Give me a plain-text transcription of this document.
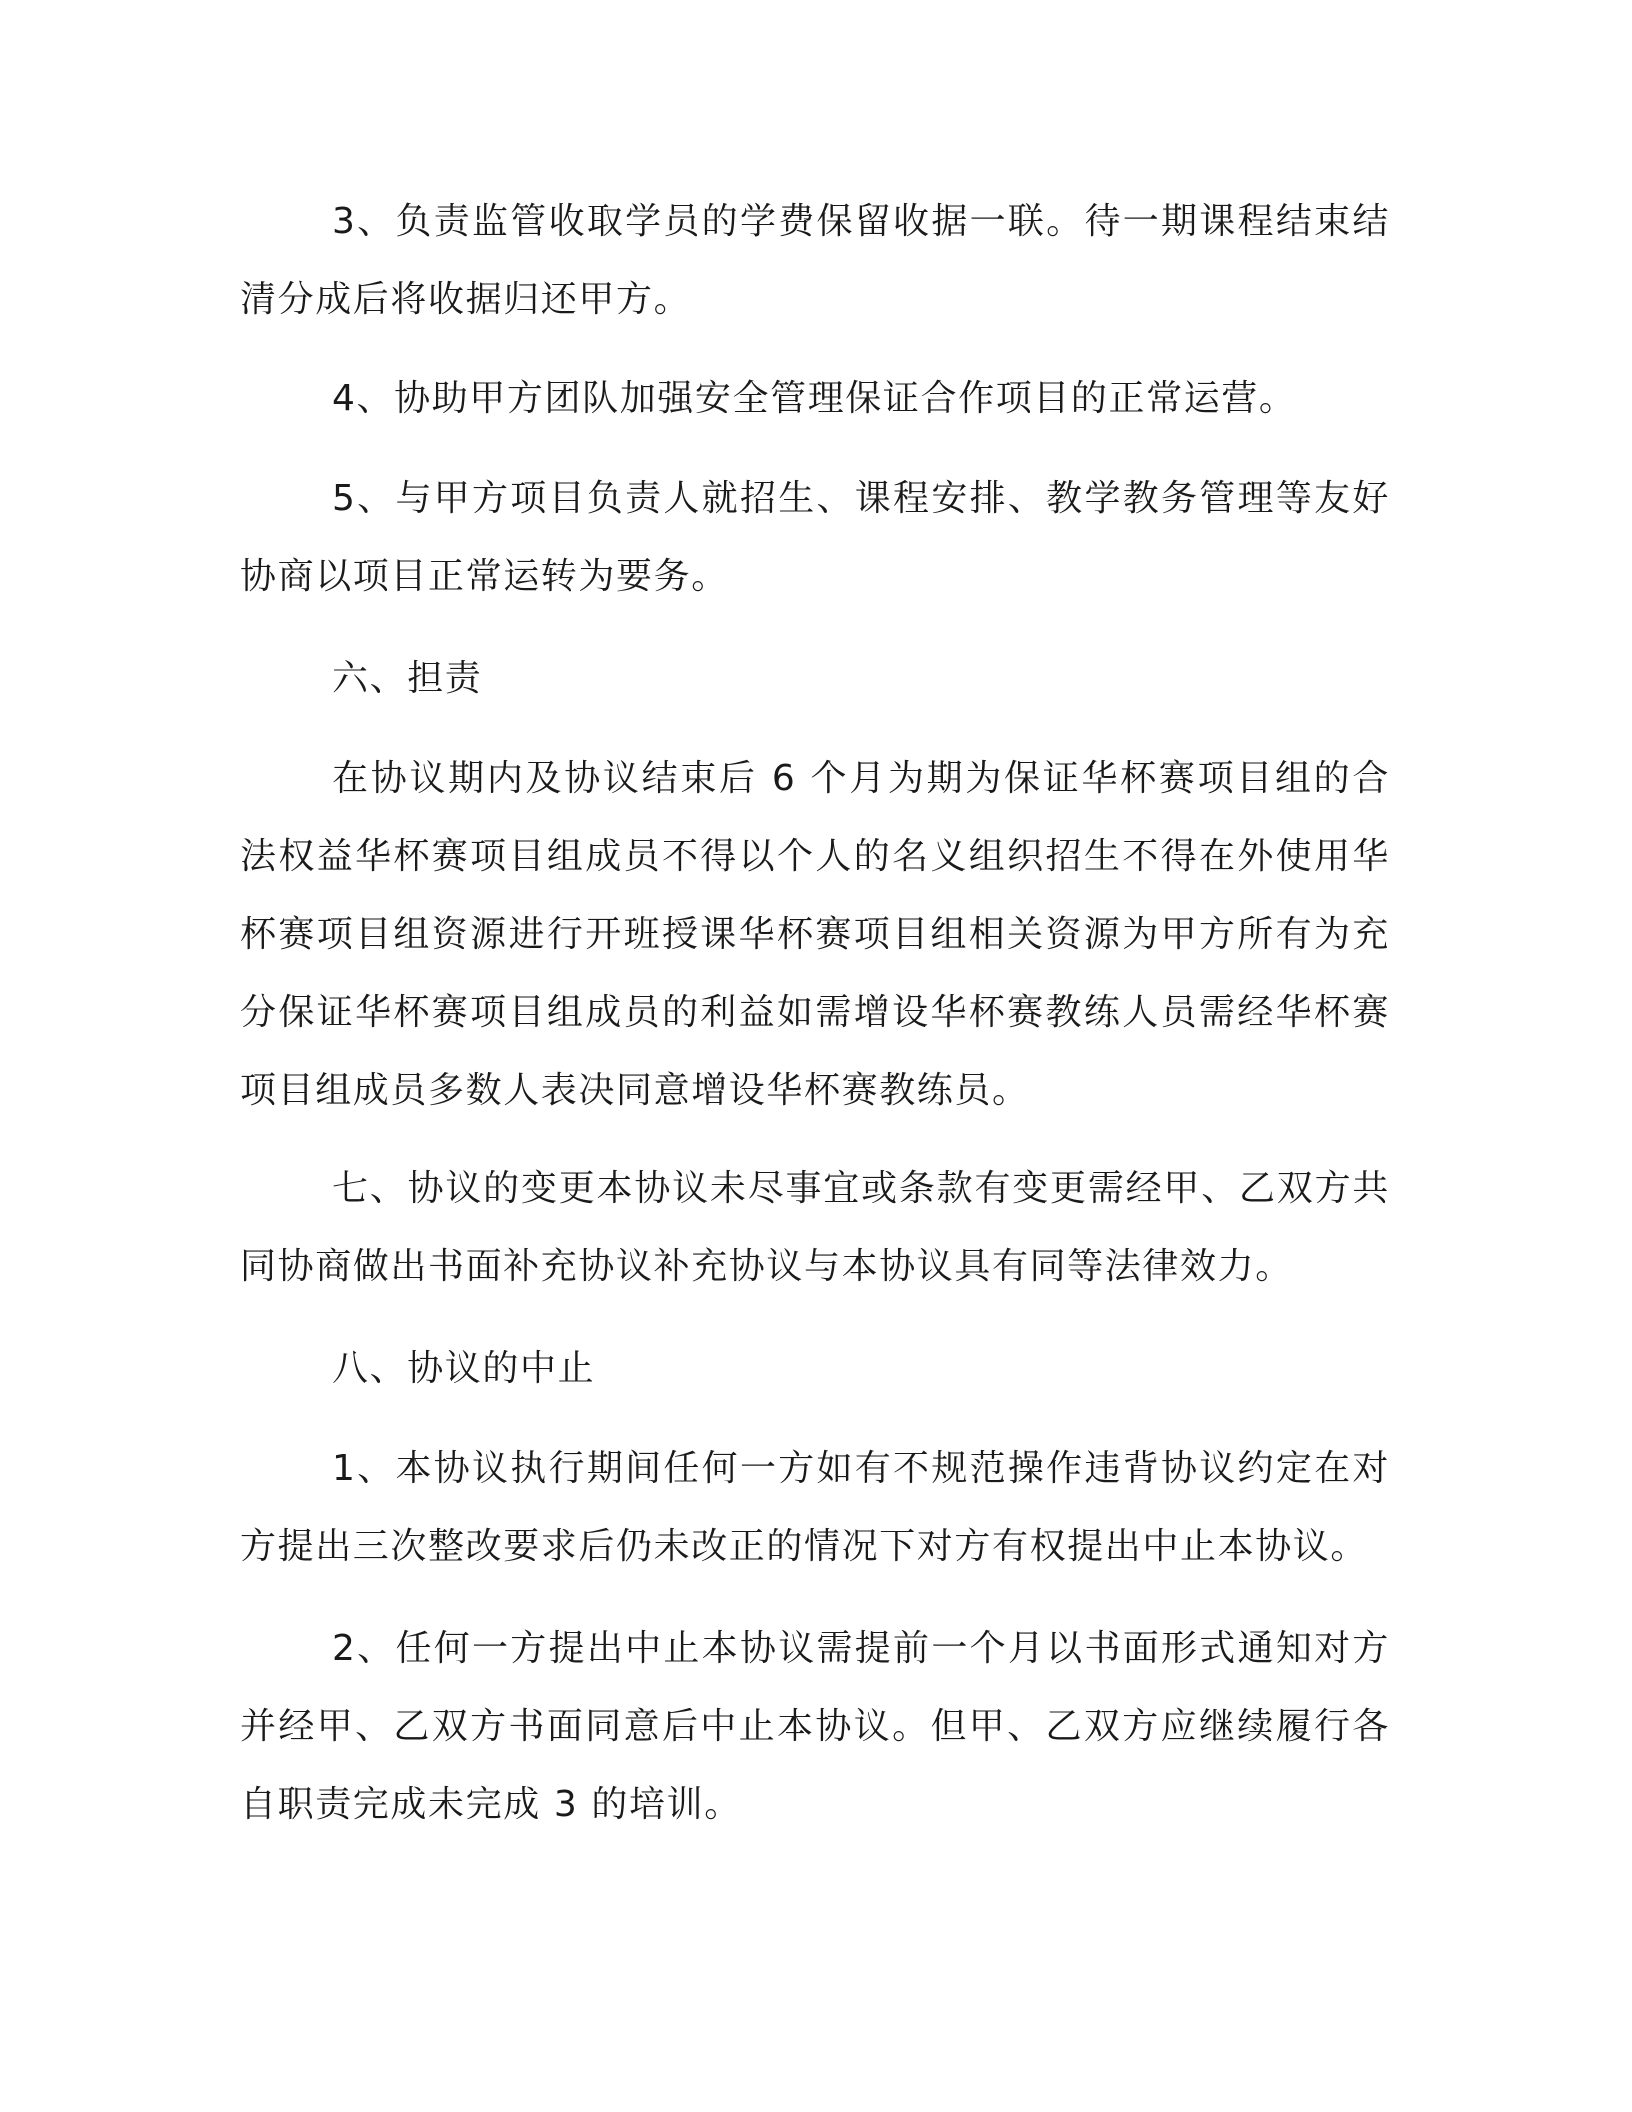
3、负责监管收取学员的学费保留收据一联。待一期课程结束结清分成后将收据归还甲方。

4、协助甲方团队加强安全管理保证合作项目的正常运营。

5、与甲方项目负责人就招生、课程安排、教学教务管理等友好协商以项目正常运转为要务。

六、担责

在协议期内及协议结束后 6 个月为期为保证华杯赛项目组的合法权益华杯赛项目组成员不得以个人的名义组织招生不得在外使用华杯赛项目组资源进行开班授课华杯赛项目组相关资源为甲方所有为充分保证华杯赛项目组成员的利益如需增设华杯赛教练人员需经华杯赛项目组成员多数人表决同意增设华杯赛教练员。

七、协议的变更本协议未尽事宜或条款有变更需经甲、乙双方共同协商做出书面补充协议补充协议与本协议具有同等法律效力。

八、协议的中止

1、本协议执行期间任何一方如有不规范操作违背协议约定在对方提出三次整改要求后仍未改正的情况下对方有权提出中止本协议。

2、任何一方提出中止本协议需提前一个月以书面形式通知对方并经甲、乙双方书面同意后中止本协议。但甲、乙双方应继续履行各自职责完成未完成 3 的培训。
